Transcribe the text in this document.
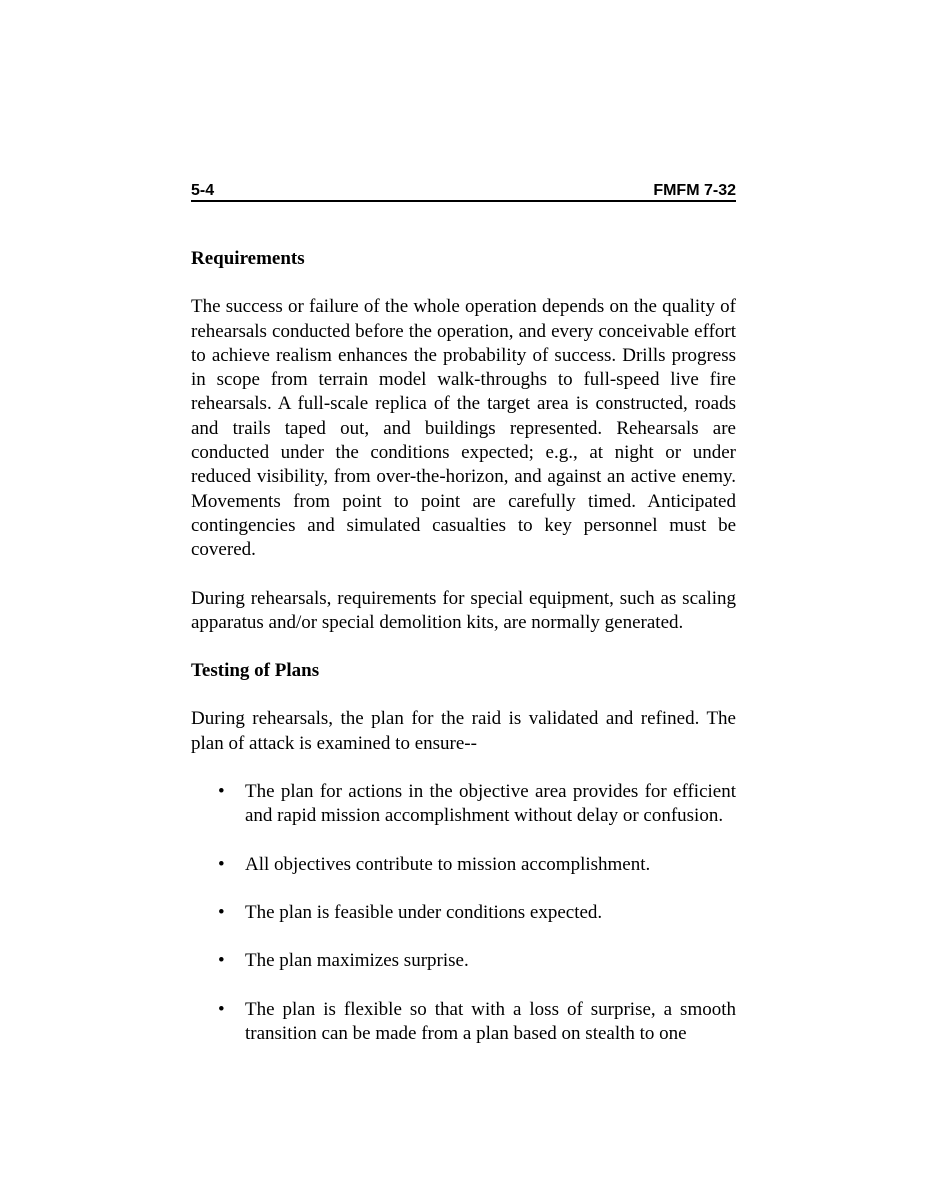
5-4	FMFM 7-32

Requirements

The success or failure of the whole operation depends on the quality of rehearsals conducted before the operation, and every conceivable effort to achieve realism enhances the probability of success. Drills progress in scope from terrain model walk-throughs to full-speed live fire rehearsals. A full-scale replica of the target area is constructed, roads and trails taped out, and buildings represented. Rehearsals are conducted under the conditions expected; e.g., at night or under reduced visibility, from over-the-horizon, and against an active enemy. Movements from point to point are carefully timed. Anticipated contingencies and simulated casualties to key personnel must be covered.

During rehearsals, requirements for special equipment, such as scaling apparatus and/or special demolition kits, are normally generated.

Testing of Plans

During rehearsals, the plan for the raid is validated and refined. The plan of attack is examined to ensure--

• The plan for actions in the objective area provides for efficient and rapid mission accomplishment without delay or confusion.
• All objectives contribute to mission accomplishment.
• The plan is feasible under conditions expected.
• The plan maximizes surprise.
• The plan is flexible so that with a loss of surprise, a smooth transition can be made from a plan based on stealth to one
